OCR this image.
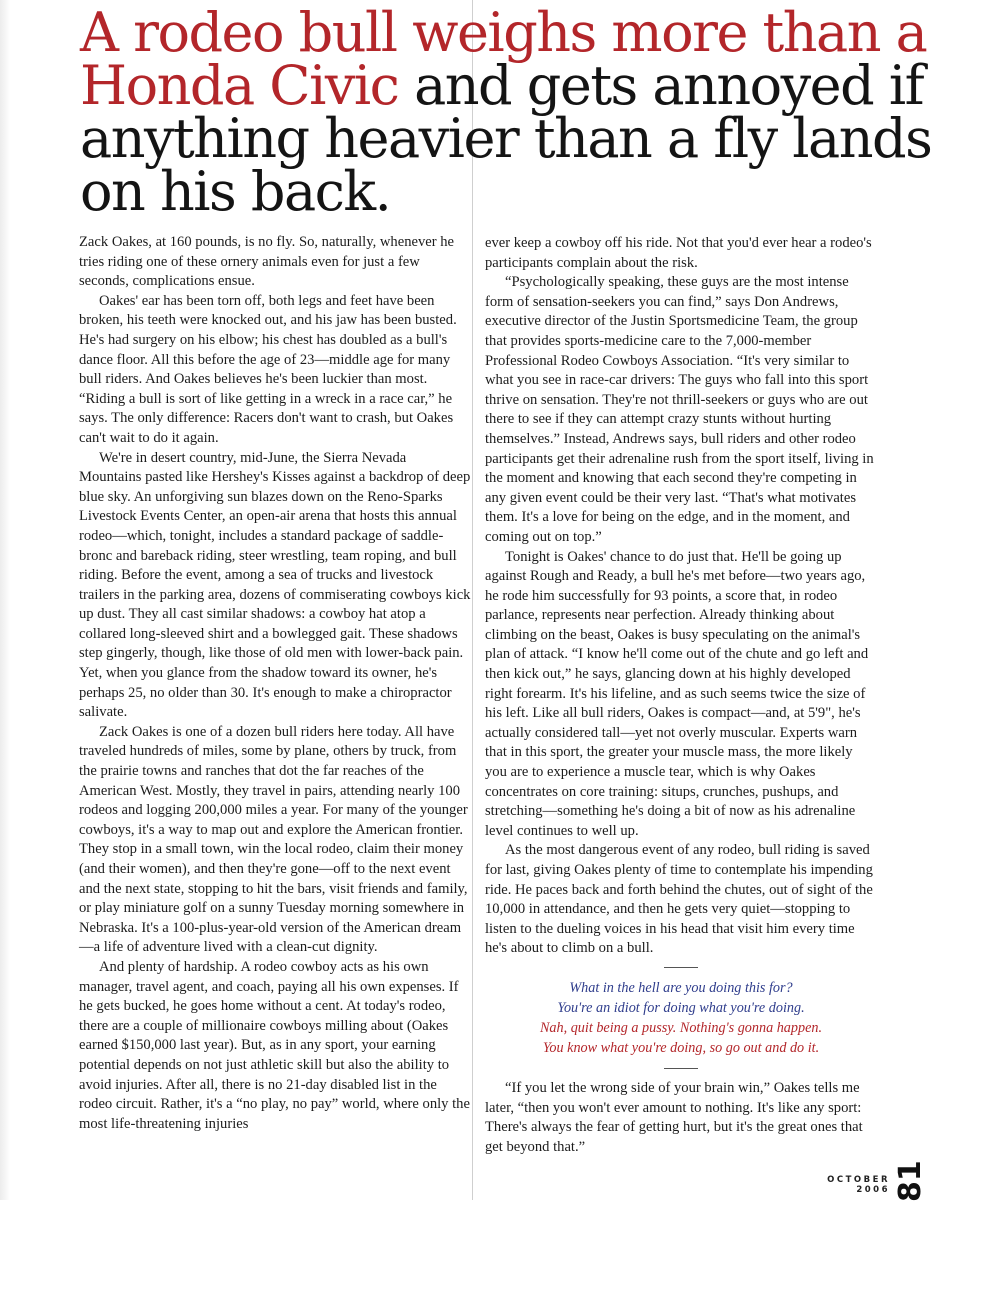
A rodeo bull weighs more than a Honda Civic and gets annoyed if anything heavier than a fly lands on his back.

Zack Oakes, at 160 pounds, is no fly. So, naturally, whenever he tries riding one of these ornery animals even for just a few seconds, complications ensue.

Oakes' ear has been torn off, both legs and feet have been broken, his teeth were knocked out, and his jaw has been busted. He's had surgery on his elbow; his chest has doubled as a bull's dance floor. All this before the age of 23—middle age for many bull riders. And Oakes believes he's been luckier than most. “Riding a bull is sort of like getting in a wreck in a race car,” he says. The only difference: Racers don't want to crash, but Oakes can't wait to do it again.

We're in desert country, mid-June, the Sierra Nevada Mountains pasted like Hershey's Kisses against a backdrop of deep blue sky. An unforgiving sun blazes down on the Reno-Sparks Livestock Events Center, an open-air arena that hosts this annual rodeo—which, tonight, includes a standard package of saddle-bronc and bareback riding, steer wrestling, team roping, and bull riding. Before the event, among a sea of trucks and livestock trailers in the parking area, dozens of commiserating cowboys kick up dust. They all cast similar shadows: a cowboy hat atop a collared long-sleeved shirt and a bowlegged gait. These shadows step gingerly, though, like those of old men with lower-back pain. Yet, when you glance from the shadow toward its owner, he's perhaps 25, no older than 30. It's enough to make a chiropractor salivate.

Zack Oakes is one of a dozen bull riders here today. All have traveled hundreds of miles, some by plane, others by truck, from the prairie towns and ranches that dot the far reaches of the American West. Mostly, they travel in pairs, attending nearly 100 rodeos and logging 200,000 miles a year. For many of the younger cowboys, it's a way to map out and explore the American frontier. They stop in a small town, win the local rodeo, claim their money (and their women), and then they're gone—off to the next event and the next state, stopping to hit the bars, visit friends and family, or play miniature golf on a sunny Tuesday morning somewhere in Nebraska. It's a 100-plus-year-old version of the American dream—a life of adventure lived with a clean-cut dignity.

And plenty of hardship. A rodeo cowboy acts as his own manager, travel agent, and coach, paying all his own expenses. If he gets bucked, he goes home without a cent. At today's rodeo, there are a couple of millionaire cowboys milling about (Oakes earned $150,000 last year). But, as in any sport, your earning potential depends on not just athletic skill but also the ability to avoid injuries. After all, there is no 21-day disabled list in the rodeo circuit. Rather, it's a “no play, no pay” world, where only the most life-threatening injuries

ever keep a cowboy off his ride. Not that you'd ever hear a rodeo's participants complain about the risk.

“Psychologically speaking, these guys are the most intense form of sensation-seekers you can find,” says Don Andrews, executive director of the Justin Sportsmedicine Team, the group that provides sports-medicine care to the 7,000-member Professional Rodeo Cowboys Association. “It's very similar to what you see in race-car drivers: The guys who fall into this sport thrive on sensation. They're not thrill-seekers or guys who are out there to see if they can attempt crazy stunts without hurting themselves.” Instead, Andrews says, bull riders and other rodeo participants get their adrenaline rush from the sport itself, living in the moment and knowing that each second they're competing in any given event could be their very last. “That's what motivates them. It's a love for being on the edge, and in the moment, and coming out on top.”

Tonight is Oakes' chance to do just that. He'll be going up against Rough and Ready, a bull he's met before—two years ago, he rode him successfully for 93 points, a score that, in rodeo parlance, represents near perfection. Already thinking about climbing on the beast, Oakes is busy speculating on the animal's plan of attack. “I know he'll come out of the chute and go left and then kick out,” he says, glancing down at his highly developed right forearm. It's his lifeline, and as such seems twice the size of his left. Like all bull riders, Oakes is compact—and, at 5'9", he's actually considered tall—yet not overly muscular. Experts warn that in this sport, the greater your muscle mass, the more likely you are to experience a muscle tear, which is why Oakes concentrates on core training: situps, crunches, pushups, and stretching—something he's doing a bit of now as his adrenaline level continues to well up.

As the most dangerous event of any rodeo, bull riding is saved for last, giving Oakes plenty of time to contemplate his impending ride. He paces back and forth behind the chutes, out of sight of the 10,000 in attendance, and then he gets very quiet—stopping to listen to the dueling voices in his head that visit him every time he's about to climb on a bull.

What in the hell are you doing this for?
You're an idiot for doing what you're doing.
Nah, quit being a pussy. Nothing's gonna happen.
You know what you're doing, so go out and do it.

“If you let the wrong side of your brain win,” Oakes tells me later, “then you won't ever amount to nothing. It's like any sport: There's always the fear of getting hurt, but it's the great ones that get beyond that.”

OCTOBER 2006 81
